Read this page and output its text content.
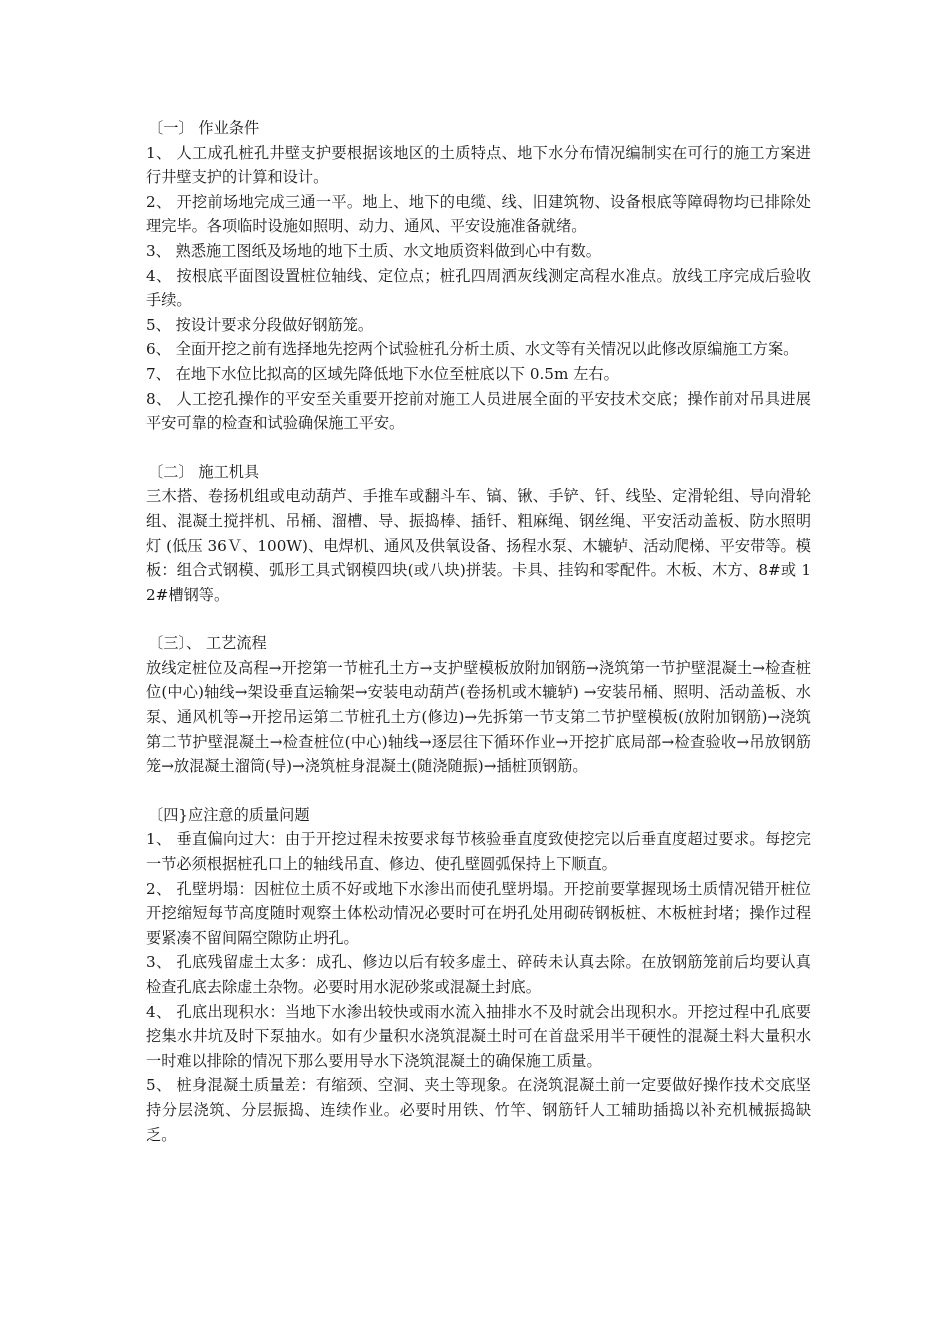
〔一〕 作业条件

1、 人工成孔桩孔井壁支护要根据该地区的土质特点、地下水分布情况编制实在可行的施工方案进行井壁支护的计算和设计。

2、 开挖前场地完成三通一平。地上、地下的电缆、线、旧建筑物、设备根底等障碍物均已排除处理完毕。各项临时设施如照明、动力、通风、平安设施准备就绪。

3、 熟悉施工图纸及场地的地下土质、水文地质资料做到心中有数。

4、 按根底平面图设置桩位轴线、定位点；桩孔四周洒灰线测定高程水准点。放线工序完成后验收手续。

5、 按设计要求分段做好钢筋笼。

6、 全面开挖之前有选择地先挖两个试验桩孔分析土质、水文等有关情况以此修改原编施工方案。

7、 在地下水位比拟高的区域先降低地下水位至桩底以下 0.5m 左右。

8、 人工挖孔操作的平安至关重要开挖前对施工人员进展全面的平安技术交底；操作前对吊具进展平安可靠的检查和试验确保施工平安。

〔二〕 施工机具

三木搭、卷扬机组或电动葫芦、手推车或翻斗车、镐、锹、手铲、钎、线坠、定滑轮组、导向滑轮组、混凝土搅拌机、吊桶、溜槽、导、振捣棒、插钎、粗麻绳、钢丝绳、平安活动盖板、防水照明灯 (低压 36Ｖ、100W)、电焊机、通风及供氧设备、扬程水泵、木辘轳、活动爬梯、平安带等。模板：组合式钢模、弧形工具式钢模四块(或八块)拼装。卡具、挂钩和零配件。木板、木方、8#或 12#槽钢等。

〔三〕、 工艺流程

放线定桩位及高程→开挖第一节桩孔土方→支护壁模板放附加钢筋→浇筑第一节护壁混凝土→检查桩位(中心)轴线→架设垂直运输架→安装电动葫芦(卷扬机或木辘轳) →安装吊桶、照明、活动盖板、水泵、通风机等→开挖吊运第二节桩孔土方(修边)→先拆第一节支第二节护壁模板(放附加钢筋)→浇筑第二节护壁混凝土→检查桩位(中心)轴线→逐层往下循环作业→开挖扩底局部→检查验收→吊放钢筋笼→放混凝土溜筒(导)→浇筑桩身混凝土(随浇随振)→插桩顶钢筋。

〔四}应注意的质量问题

1、 垂直偏向过大：由于开挖过程未按要求每节核验垂直度致使挖完以后垂直度超过要求。每挖完一节必须根据桩孔口上的轴线吊直、修边、使孔壁圆弧保持上下顺直。

2、 孔壁坍塌：因桩位土质不好或地下水渗出而使孔壁坍塌。开挖前要掌握现场土质情况错开桩位开挖缩短每节高度随时观察土体松动情况必要时可在坍孔处用砌砖钢板桩、木板桩封堵；操作过程要紧凑不留间隔空隙防止坍孔。

3、 孔底残留虚土太多：成孔、修边以后有较多虚土、碎砖未认真去除。在放钢筋笼前后均要认真检查孔底去除虚土杂物。必要时用水泥砂浆或混凝土封底。

4、 孔底出现积水：当地下水渗出较快或雨水流入抽排水不及时就会出现积水。开挖过程中孔底要挖集水井坑及时下泵抽水。如有少量积水浇筑混凝土时可在首盘采用半干硬性的混凝土料大量积水一时难以排除的情况下那么要用导水下浇筑混凝土的确保施工质量。

5、 桩身混凝土质量差：有缩颈、空洞、夹土等现象。在浇筑混凝土前一定要做好操作技术交底坚持分层浇筑、分层振捣、连续作业。必要时用铁、竹竿、钢筋钎人工辅助插捣以补充机械振捣缺乏。
